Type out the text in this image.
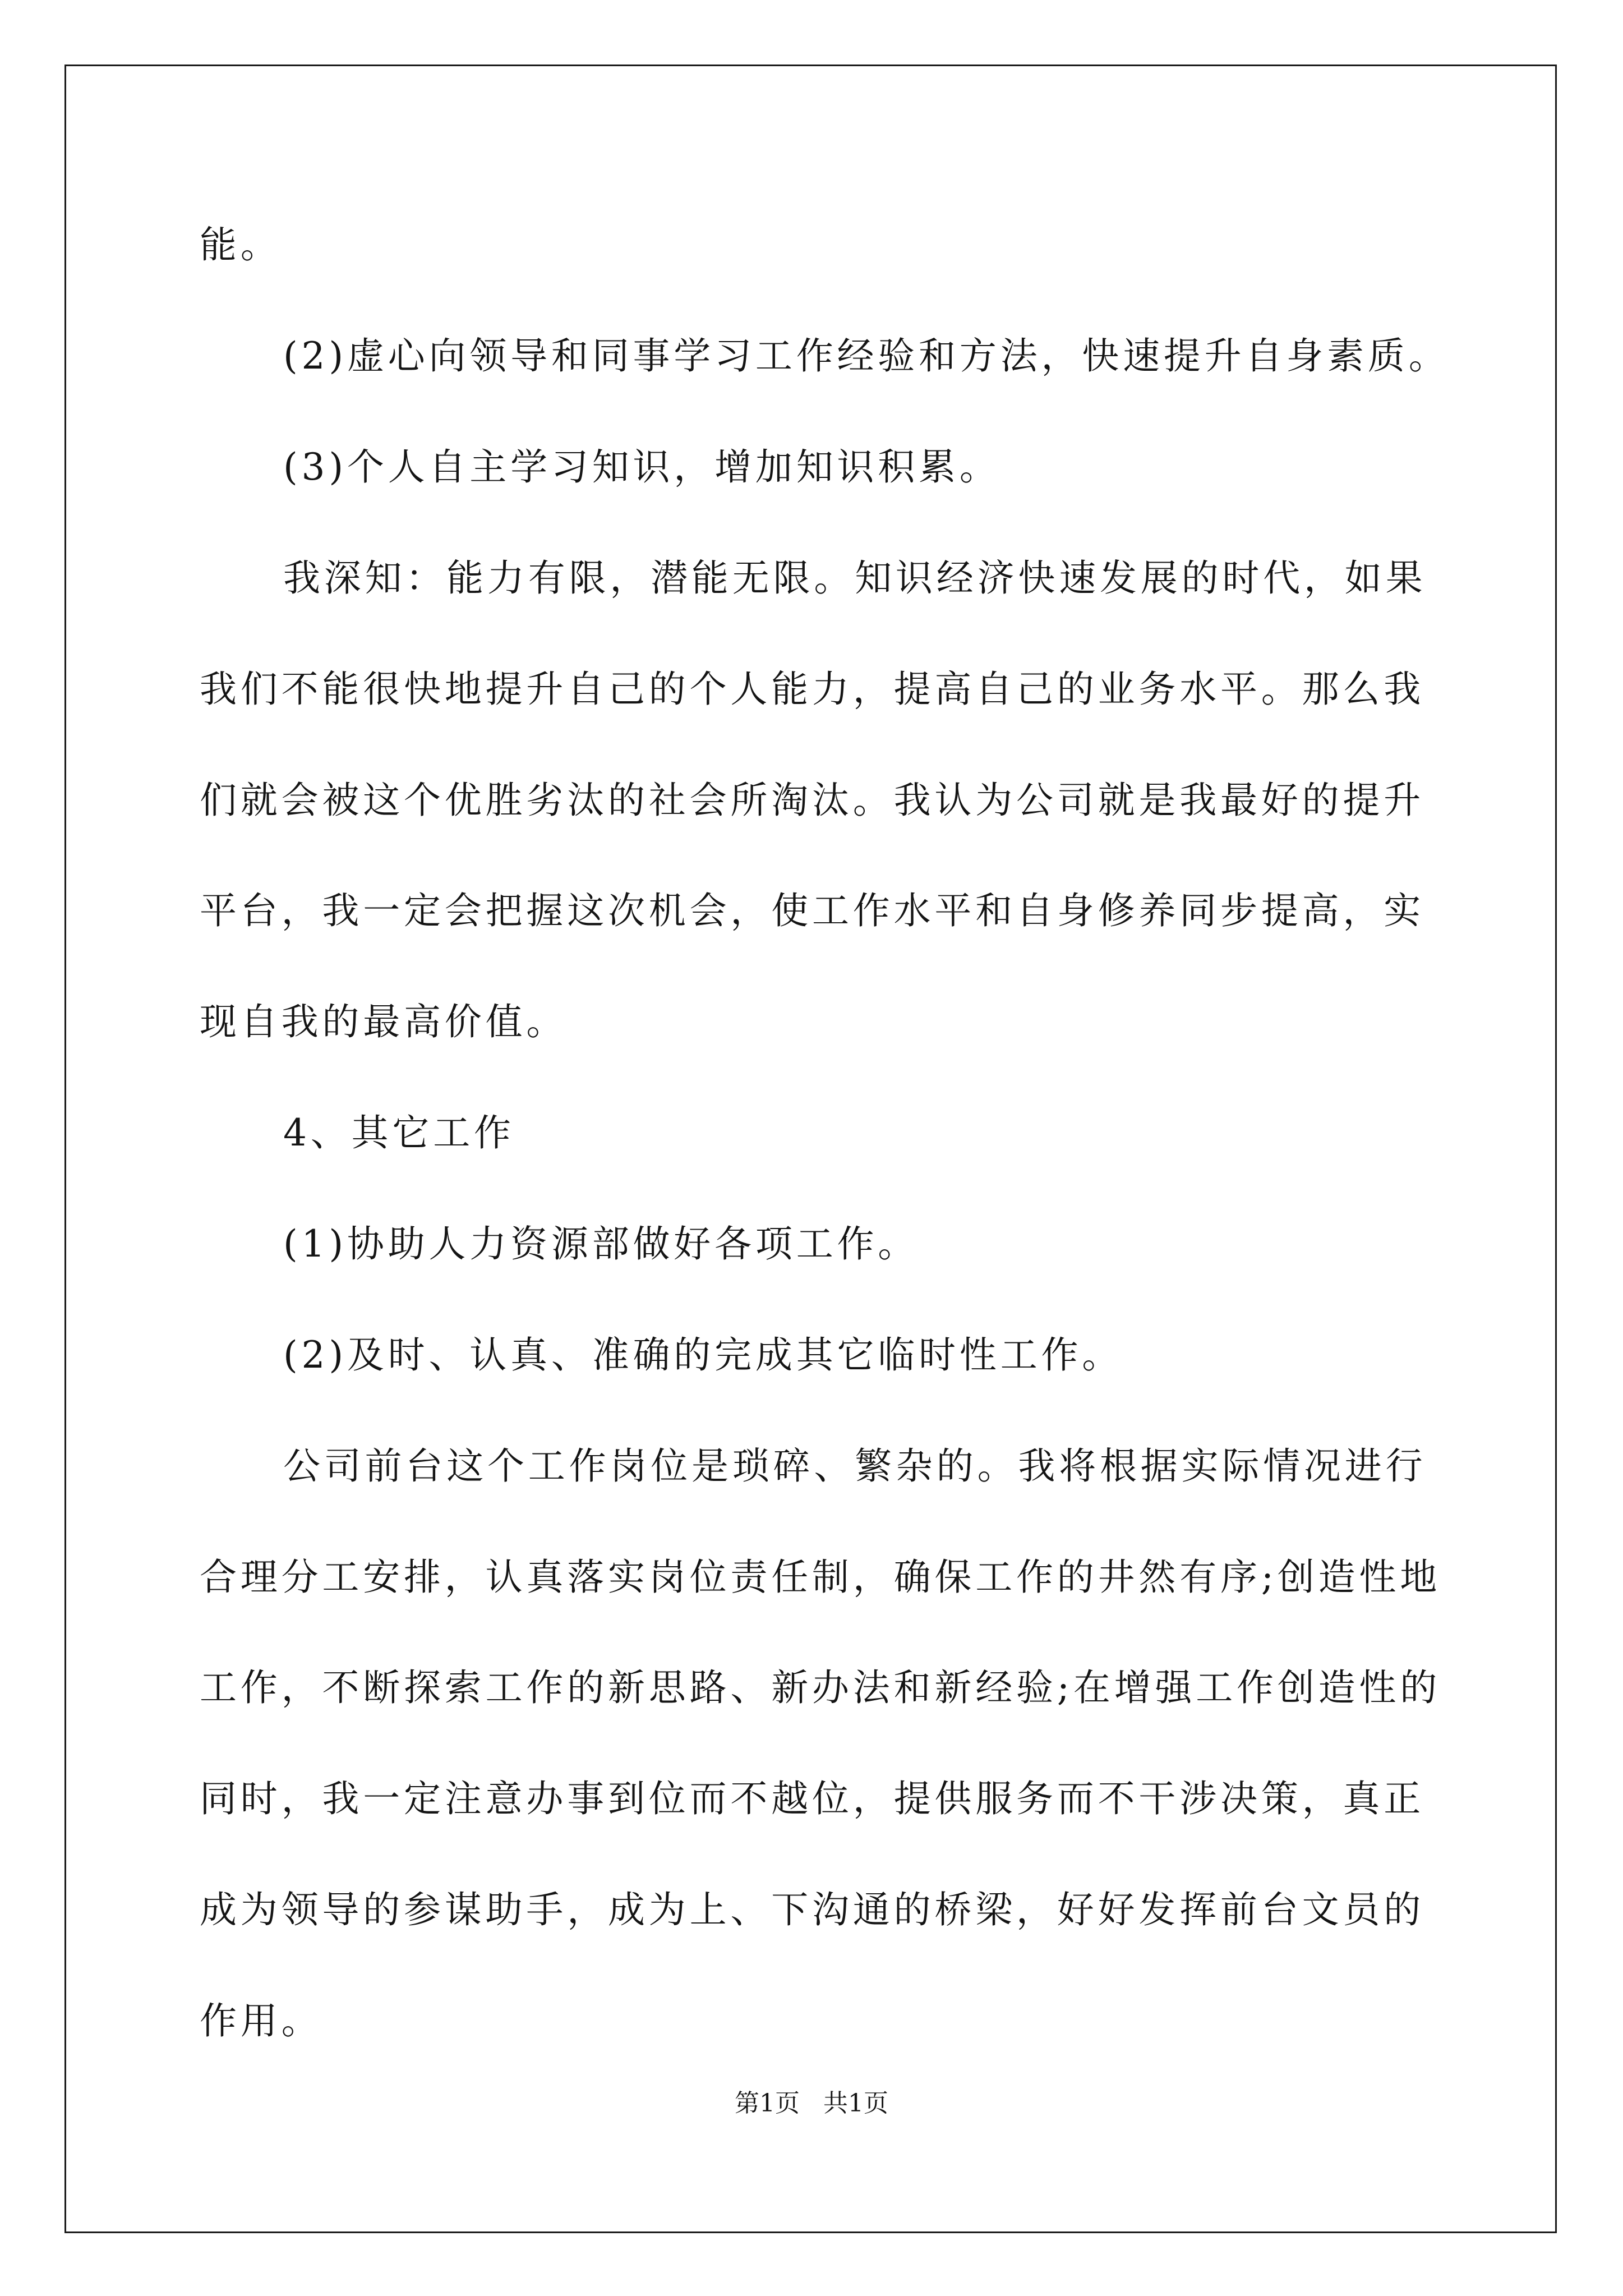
能。

(2)虚心向领导和同事学习工作经验和方法，快速提升自身素质。

(3)个人自主学习知识，增加知识积累。

我深知：能力有限，潜能无限。知识经济快速发展的时代，如果

我们不能很快地提升自己的个人能力，提高自己的业务水平。那么我

们就会被这个优胜劣汰的社会所淘汰。我认为公司就是我最好的提升

平台，我一定会把握这次机会，使工作水平和自身修养同步提高，实

现自我的最高价值。

4、其它工作

(1)协助人力资源部做好各项工作。

(2)及时、认真、准确的完成其它临时性工作。

公司前台这个工作岗位是琐碎、繁杂的。我将根据实际情况进行

合理分工安排，认真落实岗位责任制，确保工作的井然有序;创造性地

工作，不断探索工作的新思路、新办法和新经验;在增强工作创造性的

同时，我一定注意办事到位而不越位，提供服务而不干涉决策，真正

成为领导的参谋助手，成为上、下沟通的桥梁，好好发挥前台文员的

作用。

第1页   共1页
